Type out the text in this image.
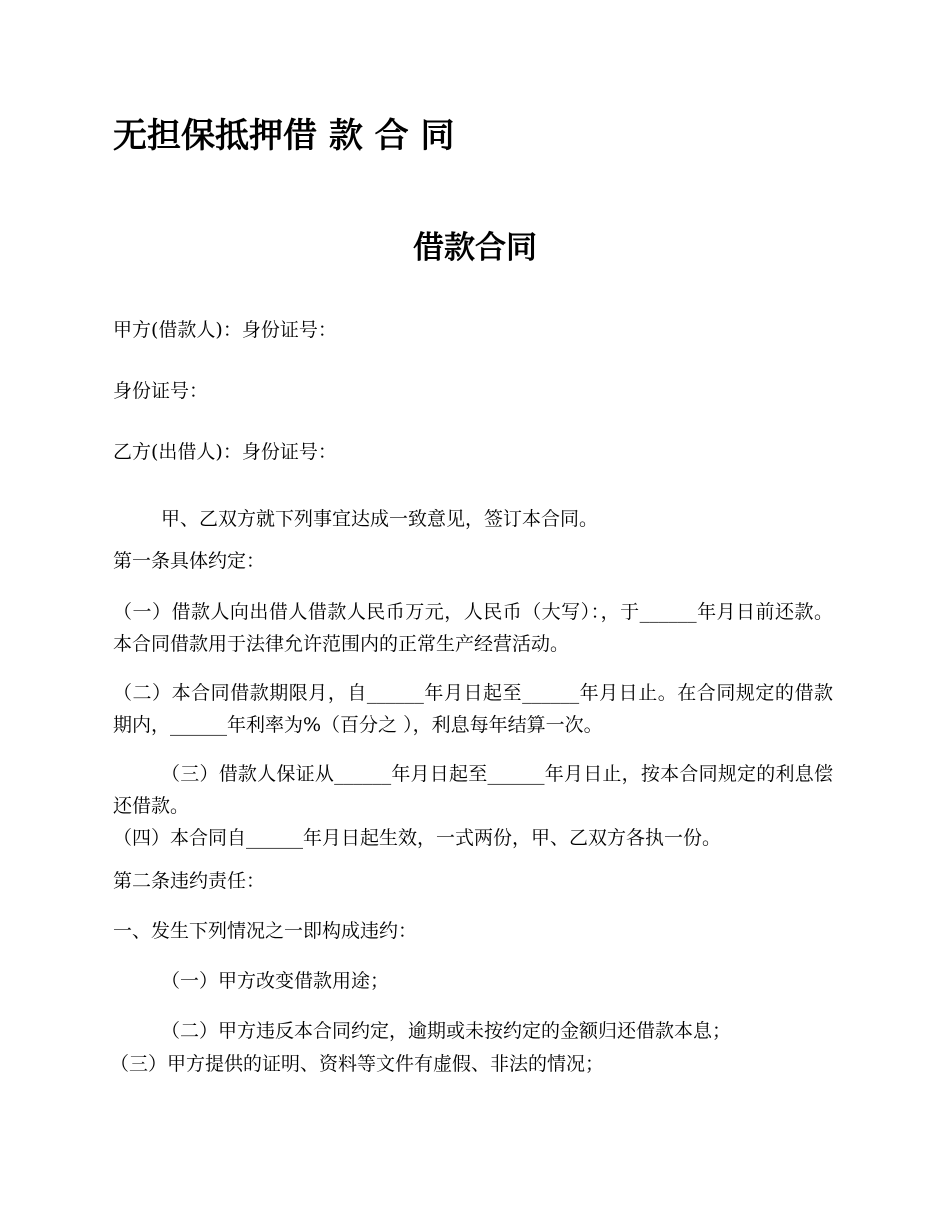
无担保抵押借 款 合 同
借款合同

甲方(借款人)：身份证号：

身份证号：

乙方(出借人)：身份证号：

甲、乙双方就下列事宜达成一致意见，签订本合同。

第一条具体约定：

（一）借款人向出借人借款人民币万元，人民币（大写）：，于______年月日前还款。本合同借款用于法律允许范围内的正常生产经营活动。

（二）本合同借款期限月，自______年月日起至______年月日止。在合同规定的借款期内，______年利率为%（百分之 ），利息每年结算一次。

（三）借款人保证从______年月日起至______年月日止，按本合同规定的利息偿还借款。

（四）本合同自______年月日起生效，一式两份，甲、乙双方各执一份。

第二条违约责任：

一、发生下列情况之一即构成违约：

（一）甲方改变借款用途；

（二）甲方违反本合同约定，逾期或未按约定的金额归还借款本息；

（三）甲方提供的证明、资料等文件有虚假、非法的情况；
